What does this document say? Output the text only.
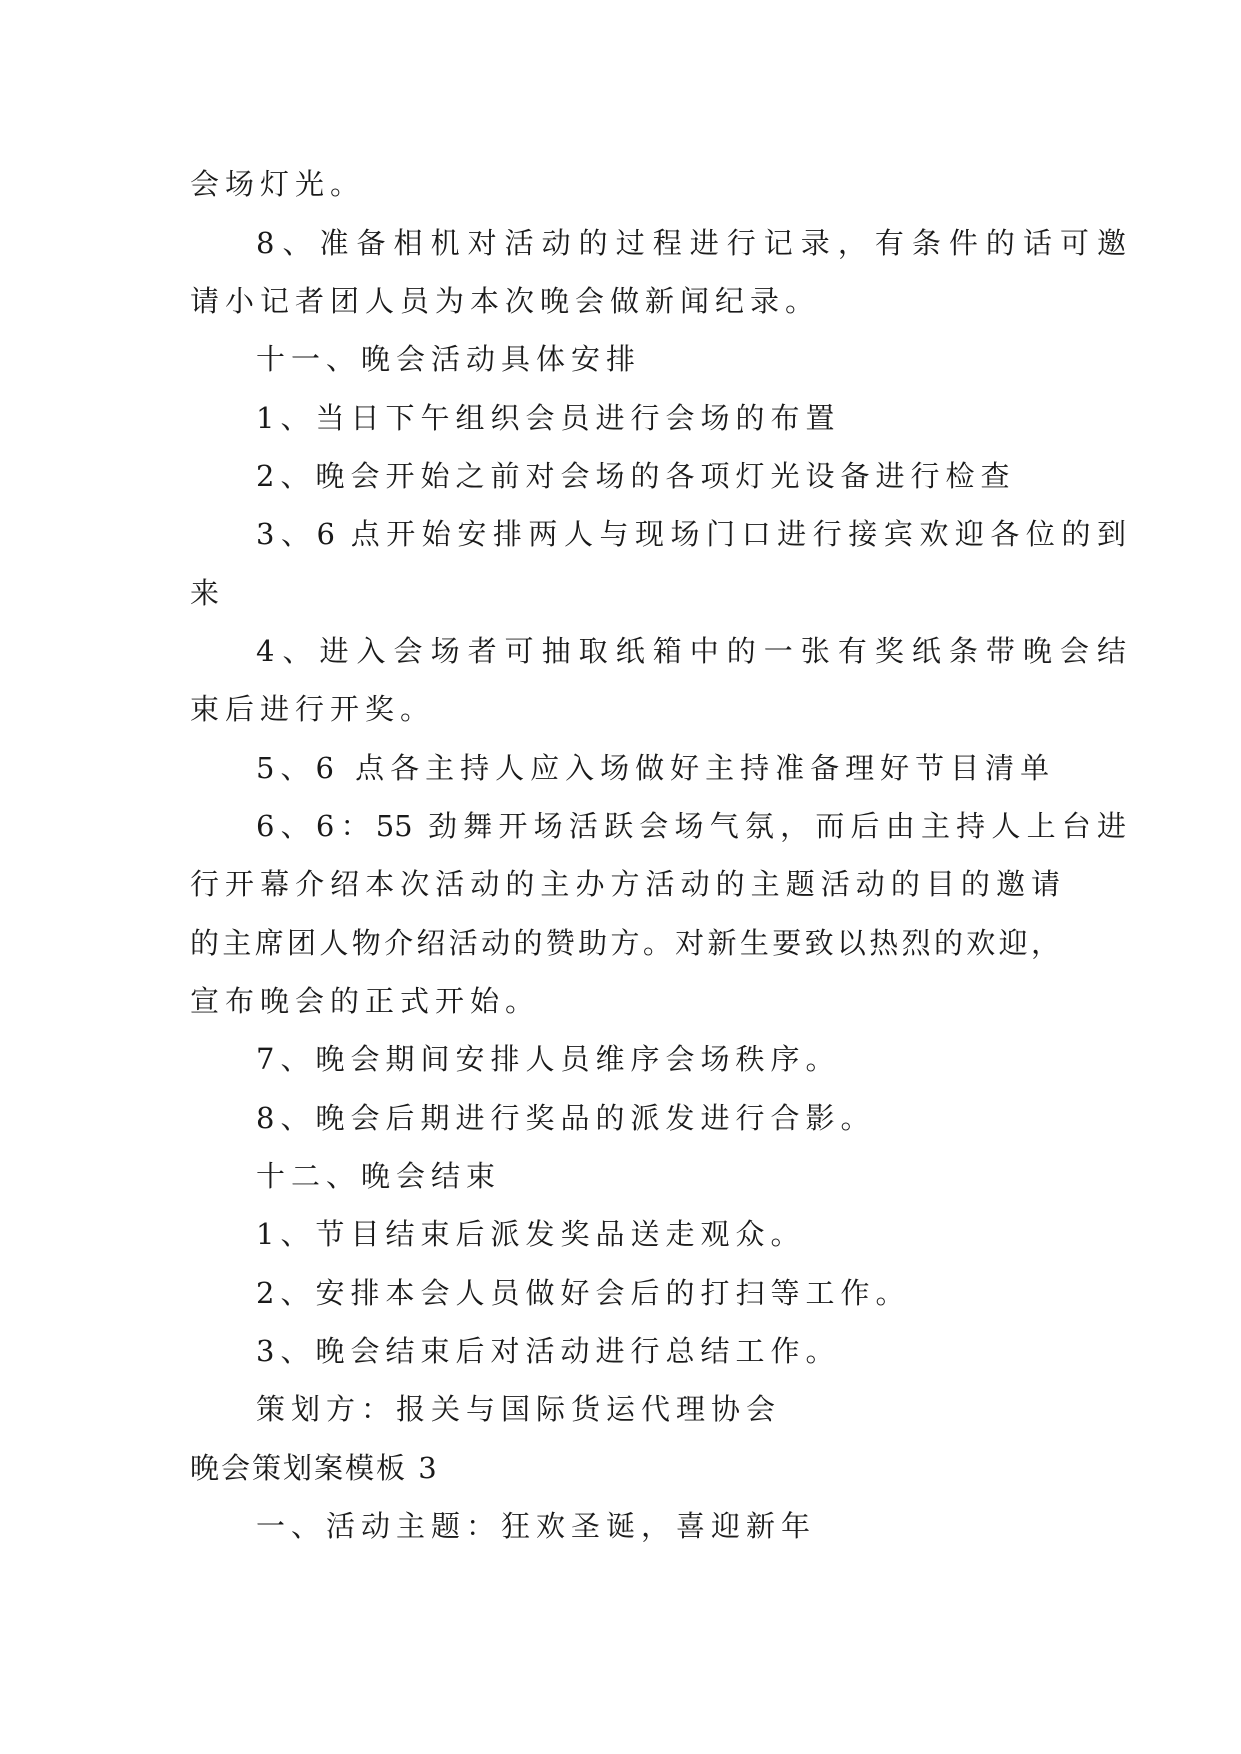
会场灯光。

8、准备相机对活动的过程进行记录，有条件的话可邀

请小记者团人员为本次晚会做新闻纪录。

十一、晚会活动具体安排

1、当日下午组织会员进行会场的布置

2、晚会开始之前对会场的各项灯光设备进行检查

3、6 点开始安排两人与现场门口进行接宾欢迎各位的到

来

4、进入会场者可抽取纸箱中的一张有奖纸条带晚会结

束后进行开奖。

5、6 点各主持人应入场做好主持准备理好节目清单

6、6：55 劲舞开场活跃会场气氛，而后由主持人上台进

行开幕介绍本次活动的主办方活动的主题活动的目的邀请

的主席团人物介绍活动的赞助方。对新生要致以热烈的欢迎，

宣布晚会的正式开始。

7、晚会期间安排人员维序会场秩序。

8、晚会后期进行奖品的派发进行合影。

十二、晚会结束

1、节目结束后派发奖品送走观众。

2、安排本会人员做好会后的打扫等工作。

3、晚会结束后对活动进行总结工作。

策划方：报关与国际货运代理协会

晚会策划案模板 3

一、活动主题：狂欢圣诞，喜迎新年
